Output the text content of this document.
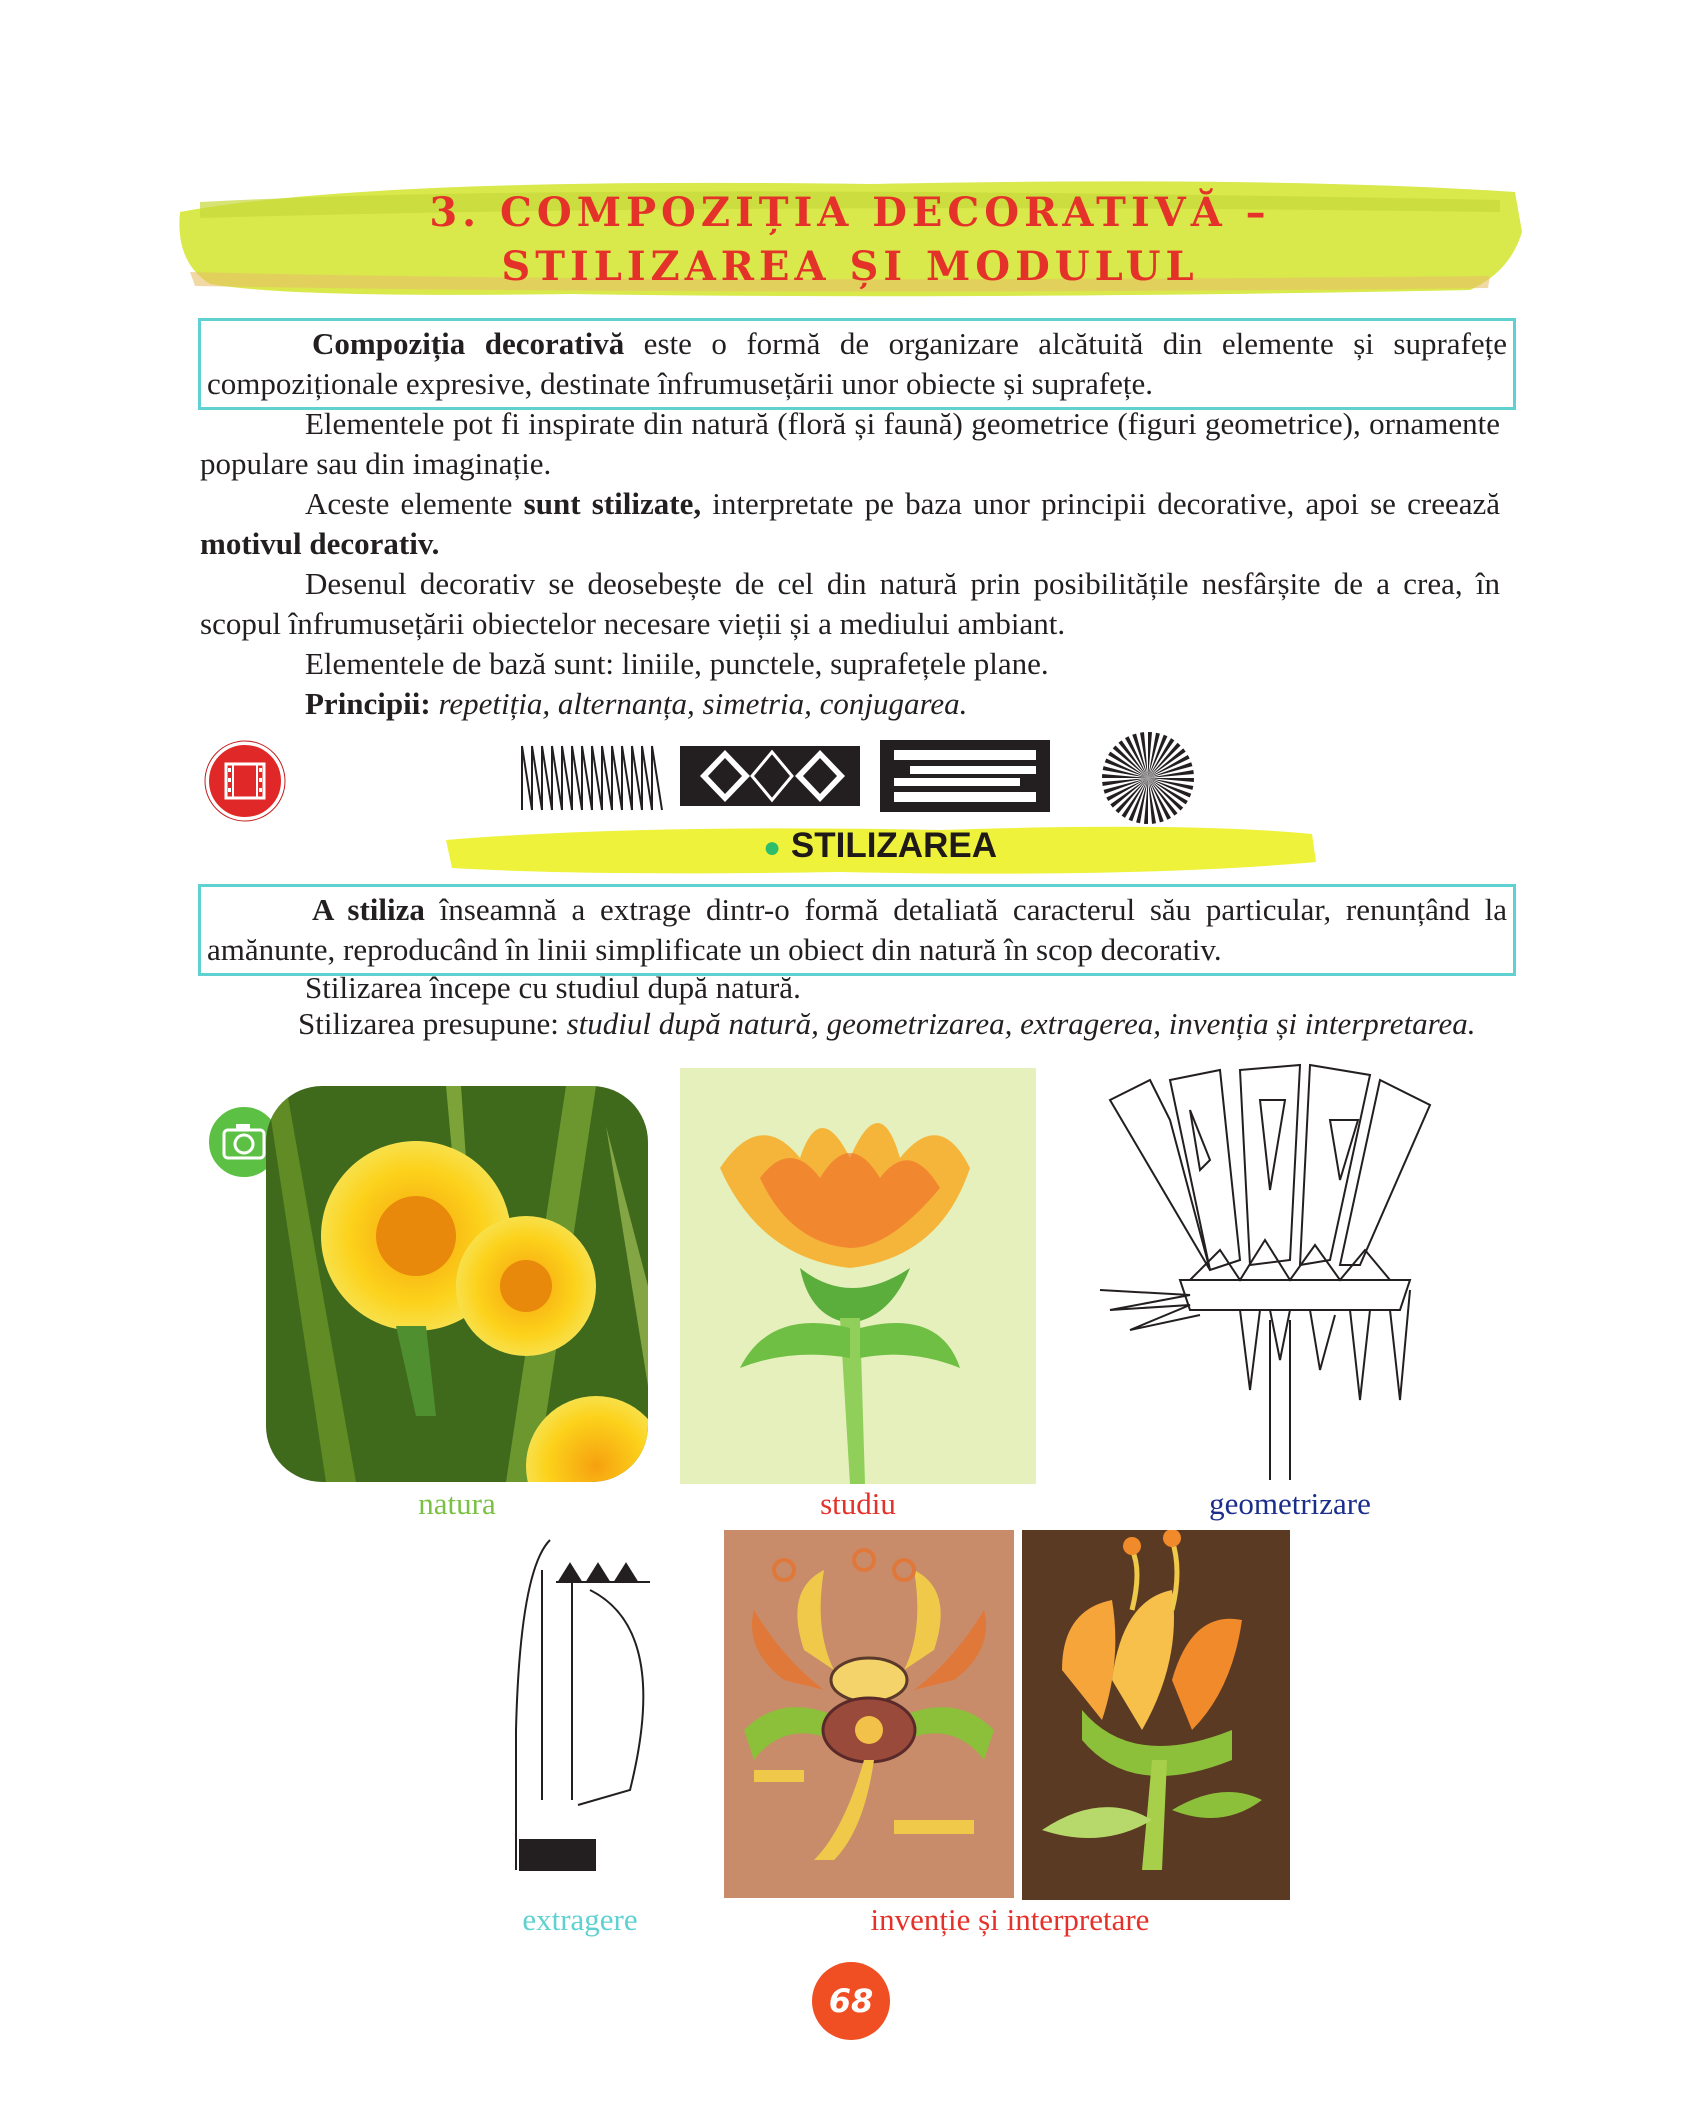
3. COMPOZIȚIA DECORATIVĂ –
STILIZAREA ȘI MODULUL
Compoziția decorativă este o formă de organizare alcătuită din elemente și suprafețe compoziționale expresive, destinate înfrumusețării unor obiecte și suprafețe.
Elementele pot fi inspirate din natură (floră și faună) geometrice (figuri geometrice), ornamente populare sau din imaginație.
Aceste elemente sunt stilizate, interpretate pe baza unor principii decorative, apoi se creează motivul decorativ.
Desenul decorativ se deosebește de cel din natură prin posibilitățile nesfârșite de a crea, în scopul înfrumusețării obiectelor necesare vieții și a mediului ambiant.
Elementele de bază sunt: liniile, punctele, suprafețele plane.
Principii: repetiția, alternanța, simetria, conjugarea.
● STILIZAREA
A stiliza înseamnă a extrage dintr-o formă detaliată caracterul său particular, renunțând la amănunte, reproducând în linii simplificate un obiect din natură în scop decorativ.
Stilizarea începe cu studiul după natură.
Stilizarea presupune: studiul după natură, geometrizarea, extragerea, invenția și interpretarea.
natura	studiu	geometrizare
extragere	invenție și interpretare
68
